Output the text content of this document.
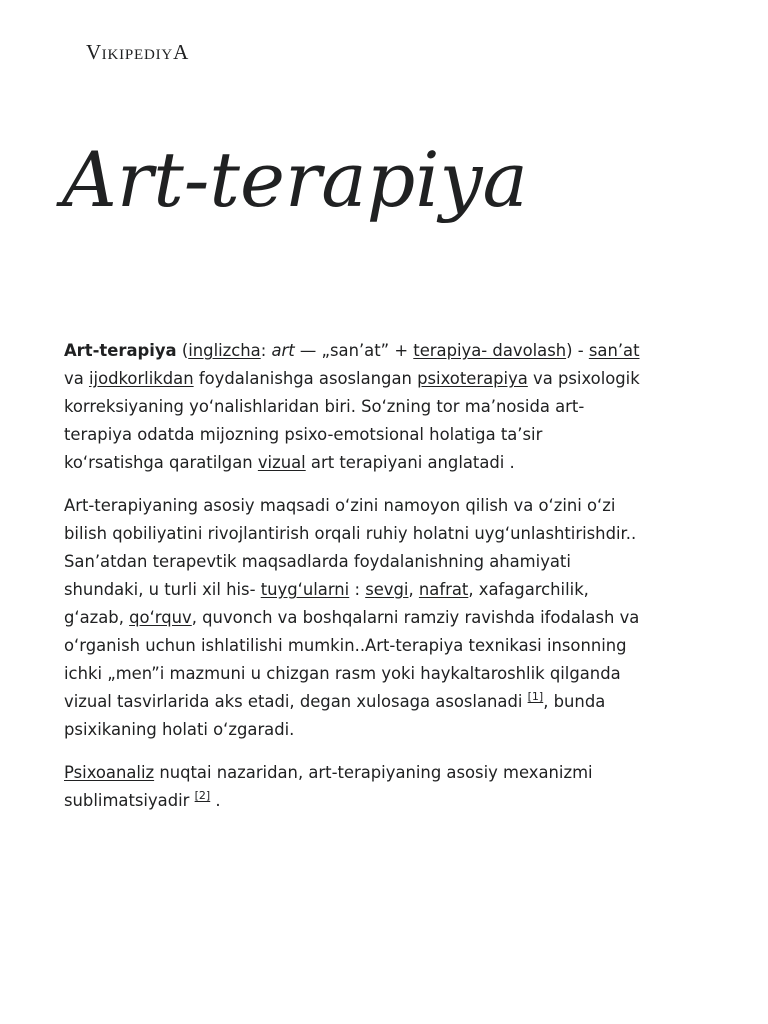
VIKIPEDIYA
Art-terapiya

Art-terapiya (inglizcha: art — „san’at” + terapiya- davolash) - san’at va ijodkorlikdan foydalanishga asoslangan psixoterapiya va psixologik korreksiyaning yo‘nalishlaridan biri. So‘zning tor ma’nosida art-terapiya odatda mijozning psixo-emotsional holatiga ta’sir ko‘rsatishga qaratilgan vizual art terapiyani anglatadi .

Art-terapiyaning asosiy maqsadi o‘zini namoyon qilish va o‘zini o‘zi bilish qobiliyatini rivojlantirish orqali ruhiy holatni uyg‘unlashtirishdir.. San’atdan terapevtik maqsadlarda foydalanishning ahamiyati shundaki, u turli xil his- tuyg‘ularni : sevgi, nafrat, xafagarchilik, g‘azab, qo‘rquv, quvonch va boshqalarni ramziy ravishda ifodalash va o‘rganish uchun ishlatilishi mumkin..Art-terapiya texnikasi insonning ichki „men”i mazmuni u chizgan rasm yoki haykaltaroshlik qilganda vizual tasvirlarida aks etadi, degan xulosaga asoslanadi [1], bunda psixikaning holati o‘zgaradi.

Psixoanaliz nuqtai nazaridan, art-terapiyaning asosiy mexanizmi sublimatsiyadir [2] .
